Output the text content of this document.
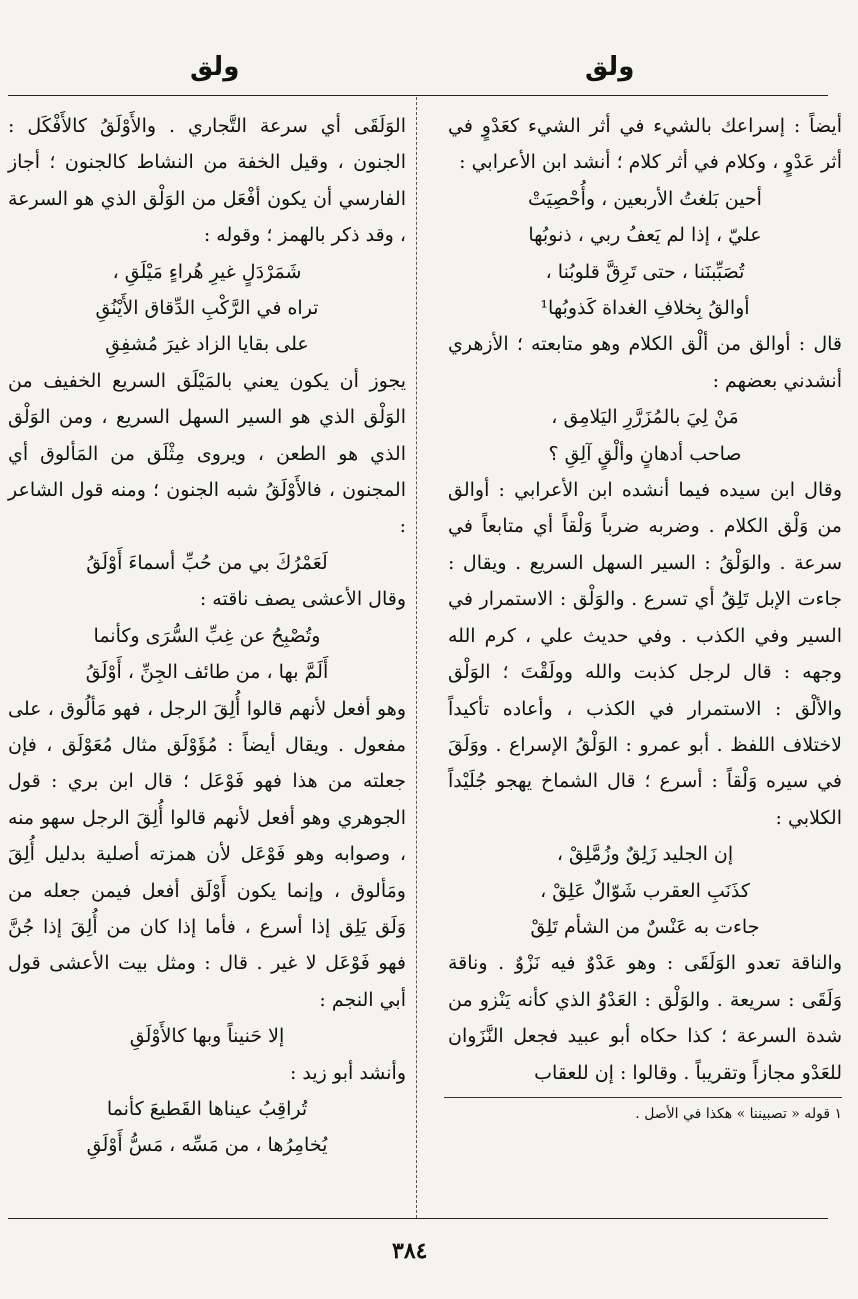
ولق	ولق

أيضاً : إسراعك بالشيء في أثر الشيء كعَدْوٍ في أثر عَدْوٍ ، وكلام في أثر كلام ؛ أنشد ابن الأعرابي :

أحين بَلغتُ الأربعين ، وأُحْصِيَتْ
عليّ ، إذا لم يَعفُ ربي ، ذنوبُها
تُصَبِّبنَنا ، حتى تَرِقَّ قلوبُنا ،
أوالقُ بِخلافِ الغداة كَذوبُها¹

قال : أوالق من ألْق الكلام وهو متابعته ؛ الأزهري أنشدني بعضهم :

مَنْ لِيَ بالمُزَرَّرِ اليَلامِق ،
صاحب أدهانٍ وألْقٍ آلِقِ ؟

وقال ابن سيده فيما أنشده ابن الأعرابي : أوالق من وَلْق الكلام . وضربه ضرباً وَلْقاً أي متابعاً في سرعة . والوَلْقُ : السير السهل السريع . ويقال : جاءت الإبل تَلِقُ أي تسرع . والوَلْق : الاستمرار في السير وفي الكذب . وفي حديث علي ، كرم الله وجهه : قال لرجل كذبت والله وولَقْتَ ؛ الوَلْق والألْق : الاستمرار في الكذب ، وأعاده تأكيداً لاختلاف اللفظ . أبو عمرو : الوَلْقُ الإسراع . ووَلَقَ في سيره وَلْقاً : أسرع ؛ قال الشماخ يهجو جُلَيْداً الكلابي :

إن الجليد زَلِقٌ وزُمَّلِقْ ،
كذَنَبِ العقرب شَوّالٌ عَلِقْ ،
جاءت به عَنْسٌ من الشأم تَلِقْ

والناقة تعدو الوَلَقَى : وهو عَدْوٌ فيه نَزْوٌ . وناقة وَلَقَى : سريعة . والوَلْق : العَدْوُ الذي كأنه يَنْزو من شدة السرعة ؛ كذا حكاه أبو عبيد فجعل النَّزَوان للعَدْو مجازاً وتقريباً . وقالوا : إن للعقاب

١ قوله « تصبيننا » هكذا في الأصل .

الوَلَقَى أي سرعة التَّجاري . والأَوْلَقُ كالأَفْكَل : الجنون ، وقيل الخفة من النشاط كالجنون ؛ أجاز الفارسي أن يكون أفْعَل من الوَلْق الذي هو السرعة ، وقد ذكر بالهمز ؛ وقوله :

شَمَرْدَلٍ غيرِ هُراءٍ مَيْلَقِ ،
تراه في الرَّكْبِ الدِّقاق الأَيْنُقِ
على بقايا الزاد غيرَ مُشفِقِ

يجوز أن يكون يعني بالمَيْلَق السريع الخفيف من الوَلْق الذي هو السير السهل السريع ، ومن الوَلْق الذي هو الطعن ، ويروى مِثْلَق من المَألوق أي المجنون ، فالأَوْلَقُ شبه الجنون ؛ ومنه قول الشاعر :

لَعَمْرُكَ بي من حُبِّ أسماءَ أَوْلَقُ

وقال الأعشى يصف ناقته :

وتُصْبِحُ عن غِبِّ السُّرَى وكأنما
أَلَمَّ بها ، من طائف الجِنِّ ، أَوْلَقُ

وهو أفعل لأنهم قالوا أُلِقَ الرجل ، فهو مَألُوق ، على مفعول . ويقال أيضاً : مُؤَوْلَق مثال مُعَوْلَق ، فإن جعلته من هذا فهو فَوْعَل ؛ قال ابن بري : قول الجوهري وهو أفعل لأنهم قالوا أُلِقَ الرجل سهو منه ، وصوابه وهو فَوْعَل لأن همزته أصلية بدليل أُلِقَ ومَألوق ، وإنما يكون أَوْلَق أفعل فيمن جعله من وَلَق يَلِق إذا أسرع ، فأما إذا كان من أُلِقَ إذا جُنَّ فهو فَوْعَل لا غير . قال : ومثل بيت الأعشى قول أبي النجم :

إلا حَنيناً وبها كالأَوْلَقِ

وأنشد أبو زيد :

تُراقِبُ عيناها القَطيعَ كأنما
يُخامِرُها ، من مَسِّه ، مَسُّ أَوْلَقِ
٣٨٤
